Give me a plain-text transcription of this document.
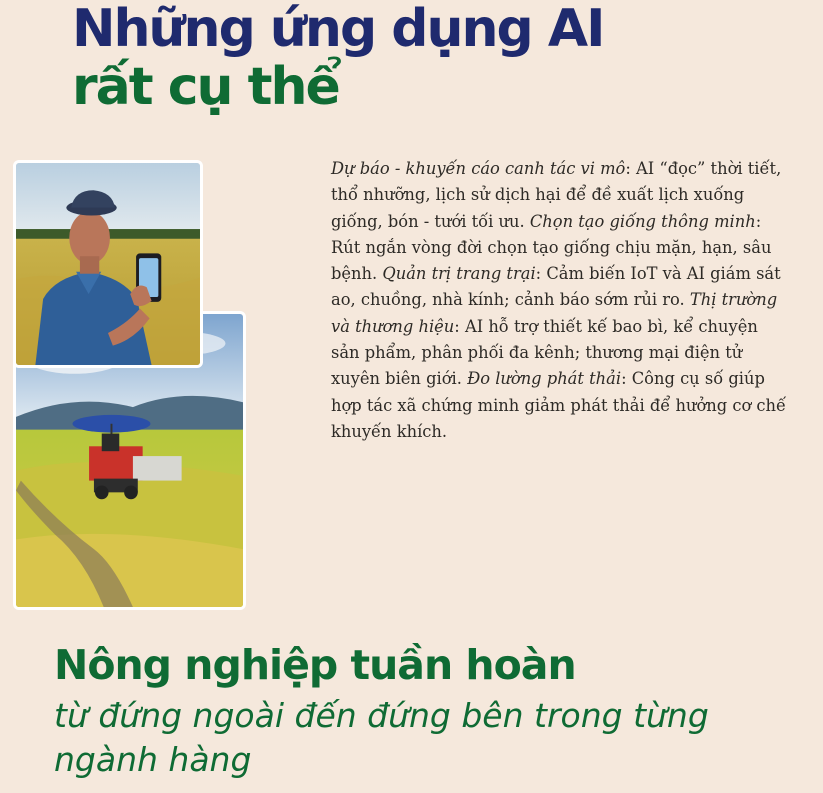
Những ứng dụng AI
rất cụ thể

Dự báo - khuyến cáo canh tác vi mô: AI “đọc” thời tiết, thổ nhưỡng, lịch sử dịch hại để đề xuất lịch xuống giống, bón - tưới tối ưu. Chọn tạo giống thông minh: Rút ngắn vòng đời chọn tạo giống chịu mặn, hạn, sâu bệnh. Quản trị trang trại: Cảm biến IoT và AI giám sát ao, chuồng, nhà kính; cảnh báo sớm rủi ro. Thị trường và thương hiệu: AI hỗ trợ thiết kế bao bì, kể chuyện sản phẩm, phân phối đa kênh; thương mại điện tử xuyên biên giới. Đo lường phát thải: Công cụ số giúp hợp tác xã chứng minh giảm phát thải để hưởng cơ chế khuyến khích.

Nông nghiệp tuần hoàn

từ đứng ngoài đến đứng bên trong từng ngành hàng
